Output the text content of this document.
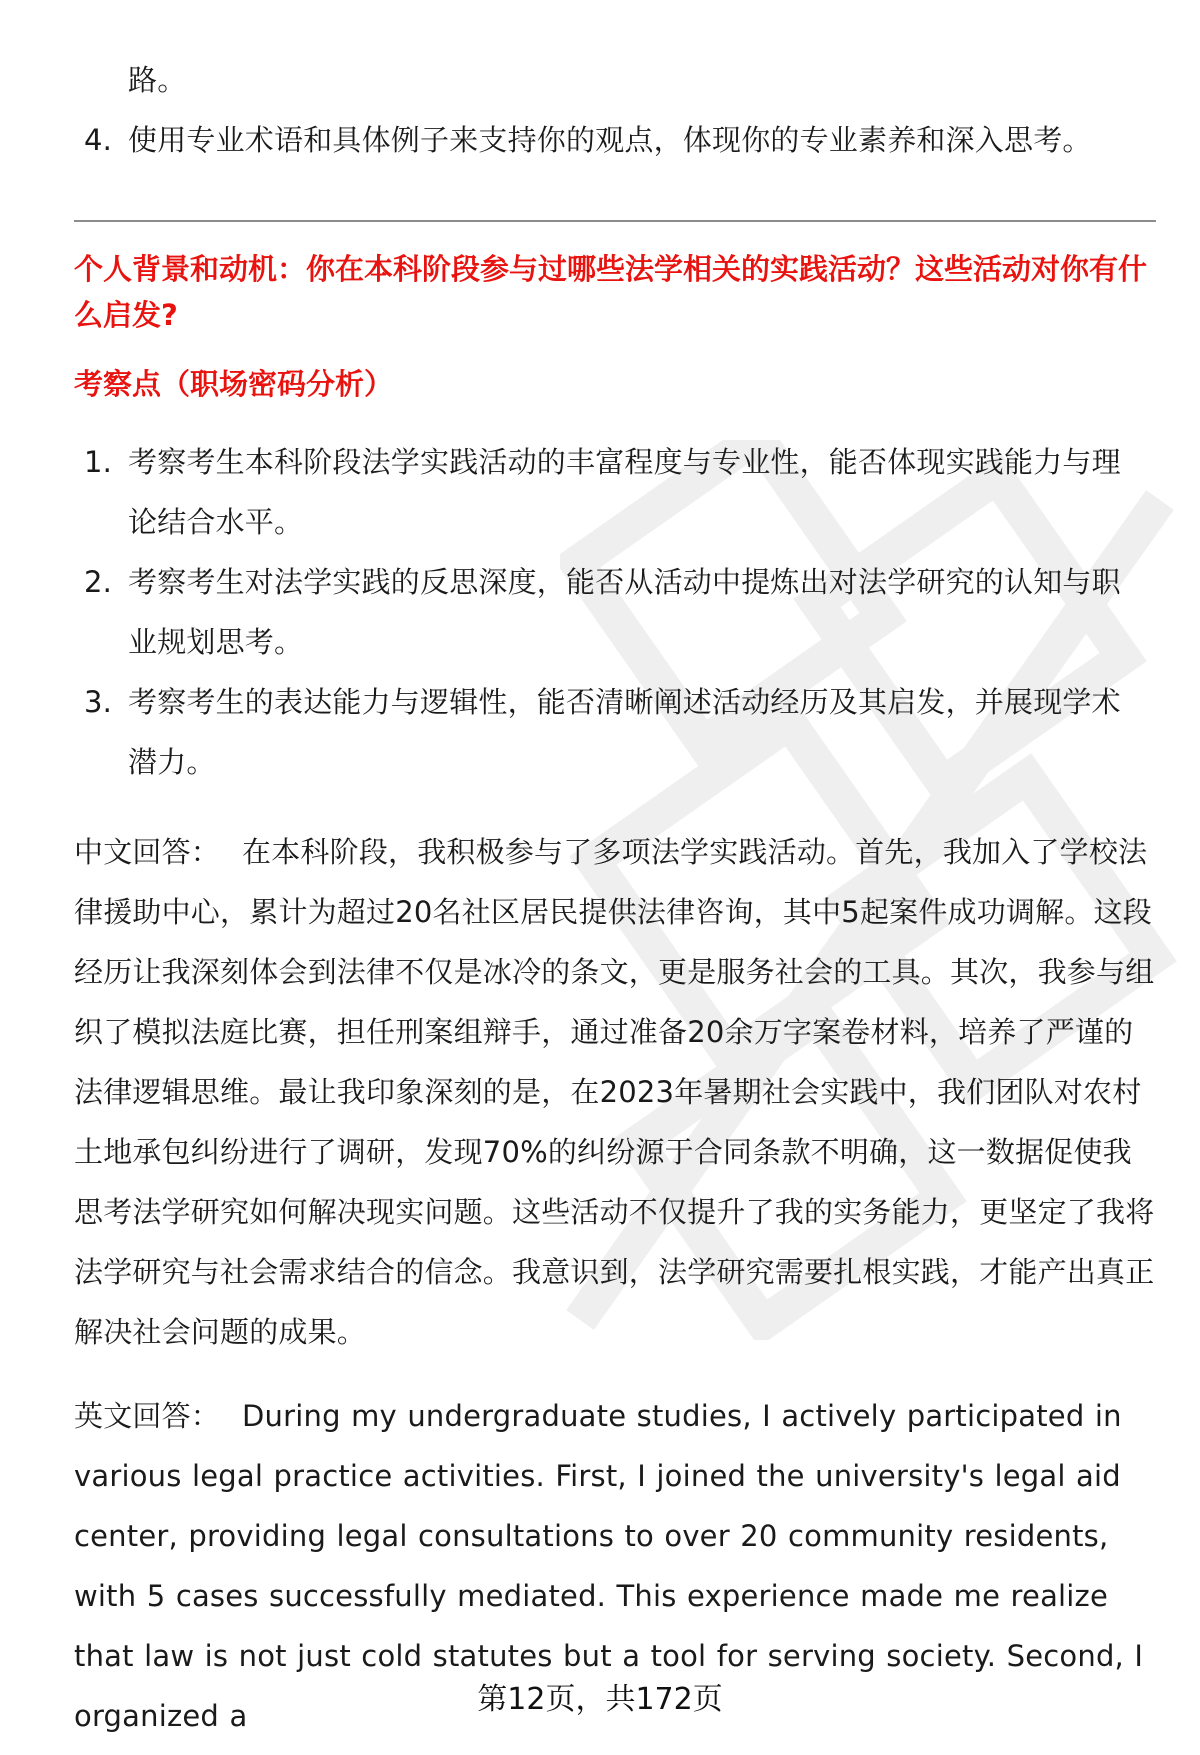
路。
4. 使用专业术语和具体例子来支持你的观点，体现你的专业素养和深入思考。
个人背景和动机：你在本科阶段参与过哪些法学相关的实践活动？这些活动对你有什么启发?
考察点（职场密码分析）
1. 考察考生本科阶段法学实践活动的丰富程度与专业性，能否体现实践能力与理论结合水平。
2. 考察考生对法学实践的反思深度，能否从活动中提炼出对法学研究的认知与职业规划思考。
3. 考察考生的表达能力与逻辑性，能否清晰阐述活动经历及其启发，并展现学术潜力。

中文回答： 在本科阶段，我积极参与了多项法学实践活动。首先，我加入了学校法律援助中心，累计为超过20名社区居民提供法律咨询，其中5起案件成功调解。这段经历让我深刻体会到法律不仅是冰冷的条文，更是服务社会的工具。其次，我参与组织了模拟法庭比赛，担任刑案组辩手，通过准备20余万字案卷材料，培养了严谨的法律逻辑思维。最让我印象深刻的是，在2023年暑期社会实践中，我们团队对农村土地承包纠纷进行了调研，发现70%的纠纷源于合同条款不明确，这一数据促使我思考法学研究如何解决现实问题。这些活动不仅提升了我的实务能力，更坚定了我将法学研究与社会需求结合的信念。我意识到，法学研究需要扎根实践，才能产出真正解决社会问题的成果。

英文回答： During my undergraduate studies, I actively participated in various legal practice activities. First, I joined the university's legal aid center, providing legal consultations to over 20 community residents, with 5 cases successfully mediated. This experience made me realize that law is not just cold statutes but a tool for serving society. Second, I organized a	第12页，共172页
